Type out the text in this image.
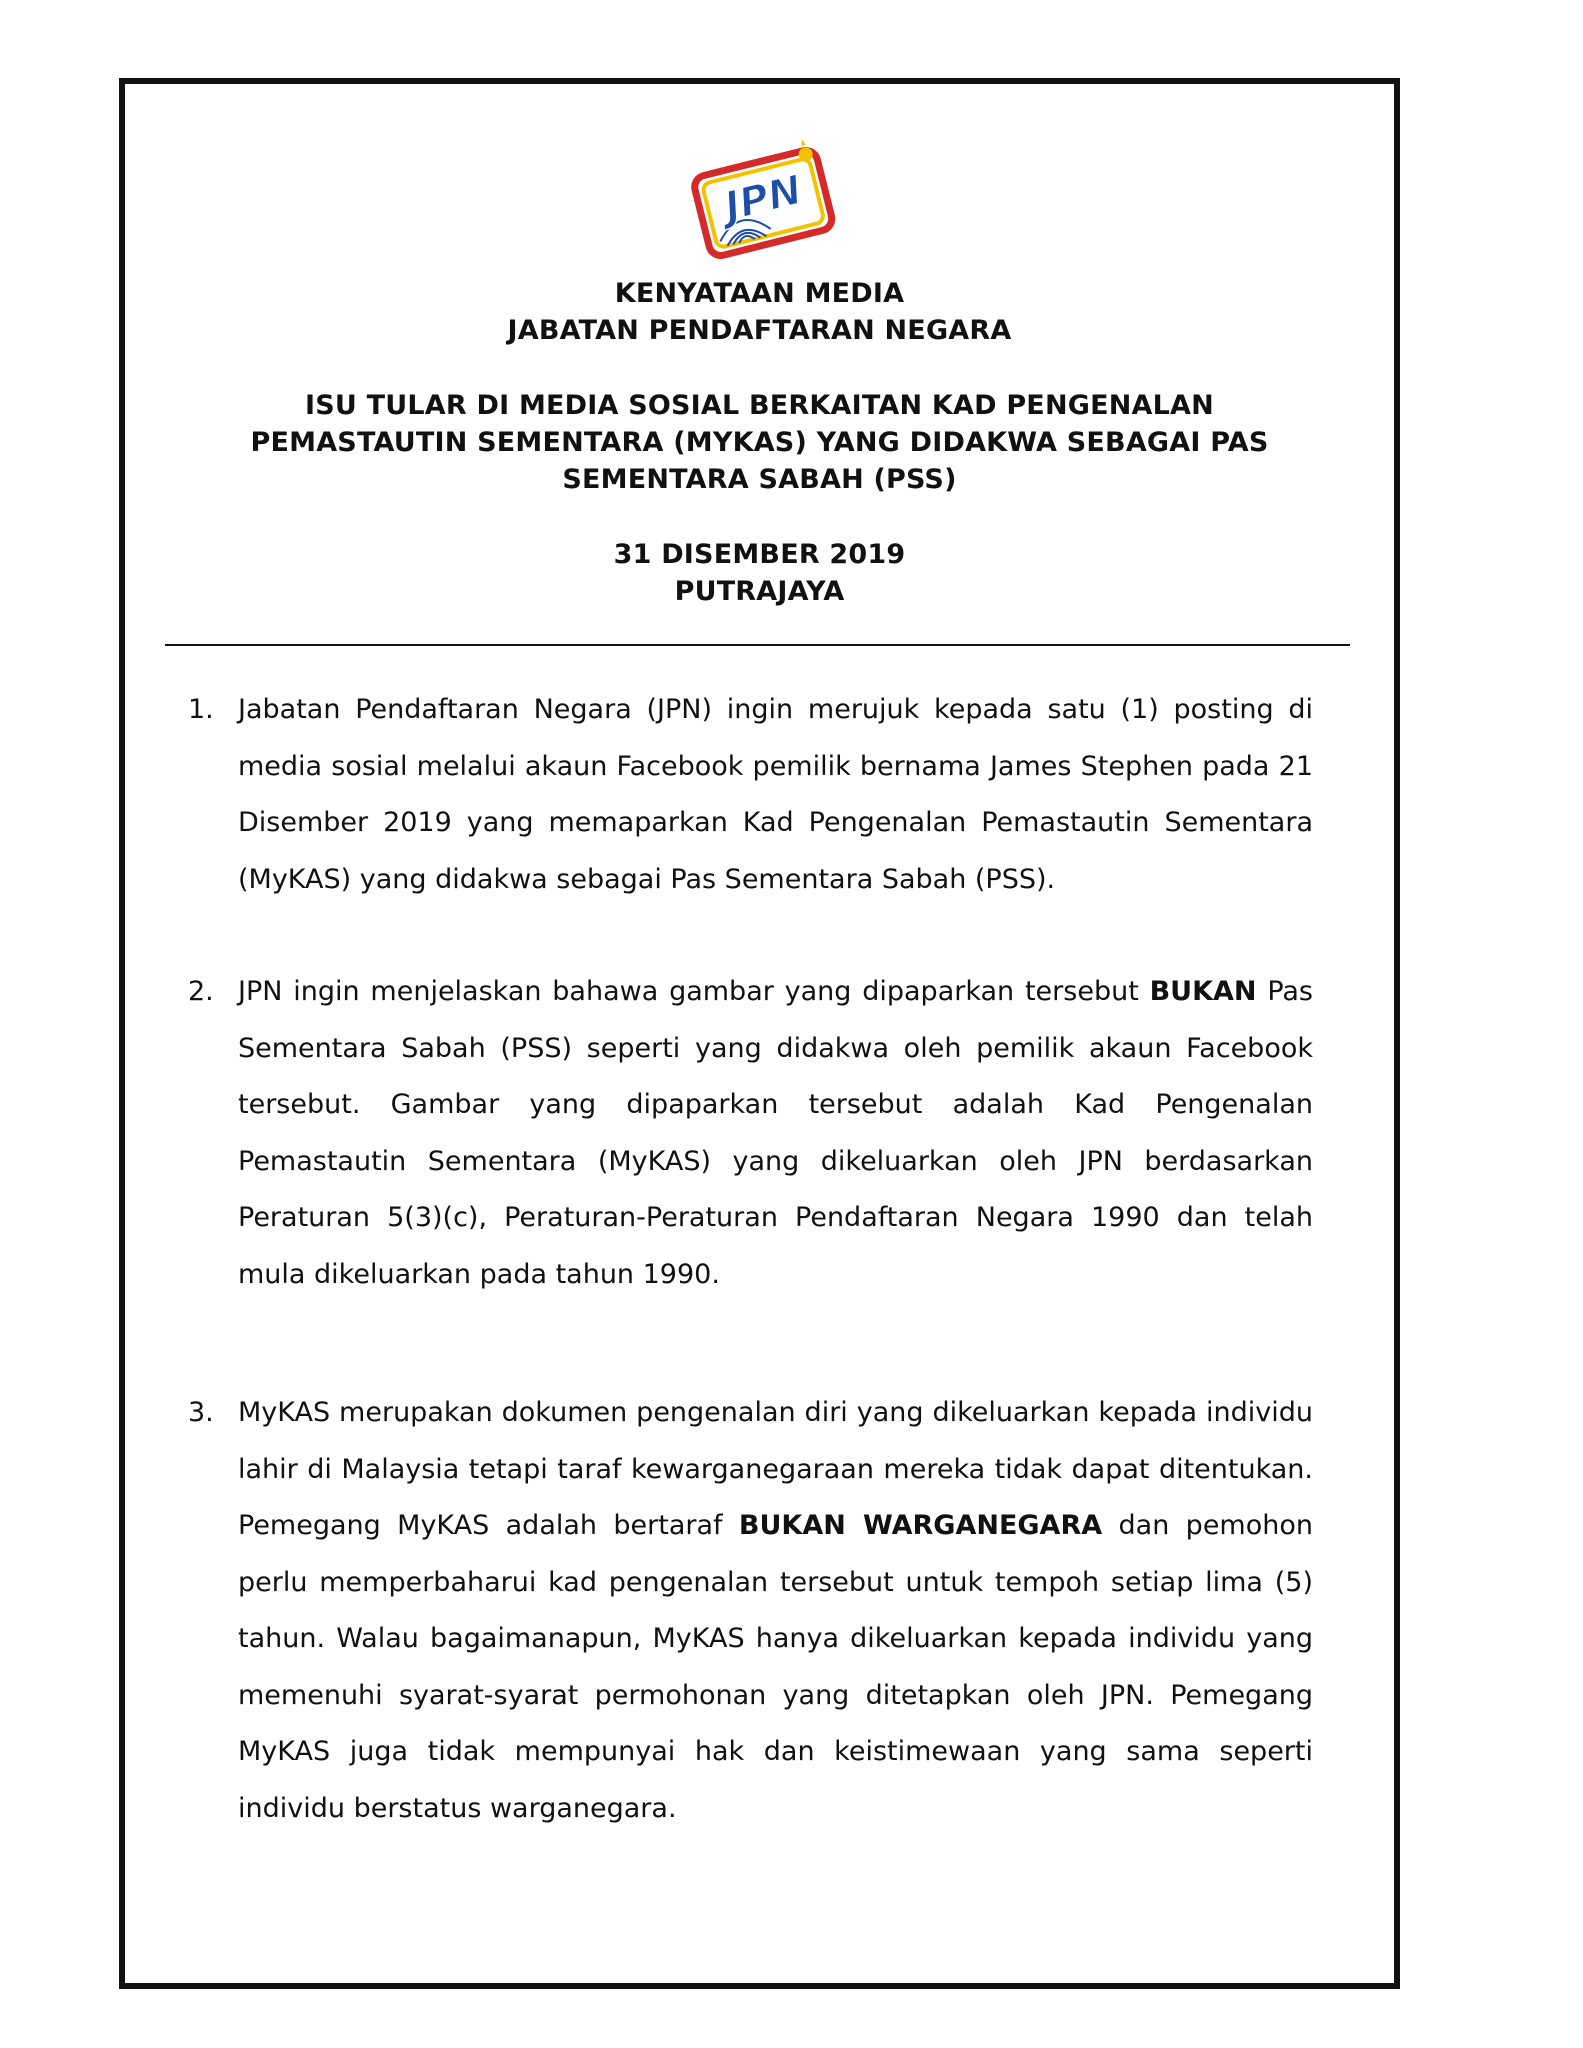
JPN
KENYATAAN MEDIA
JABATAN PENDAFTARAN NEGARA
ISU TULAR DI MEDIA SOSIAL BERKAITAN KAD PENGENALAN
PEMASTAUTIN SEMENTARA (MYKAS) YANG DIDAKWA SEBAGAI PAS
SEMENTARA SABAH (PSS)
31 DISEMBER 2019
PUTRAJAYA
1. Jabatan Pendaftaran Negara (JPN) ingin merujuk kepada satu (1) posting di media sosial melalui akaun Facebook pemilik bernama James Stephen pada 21 Disember 2019 yang memaparkan Kad Pengenalan Pemastautin Sementara (MyKAS) yang didakwa sebagai Pas Sementara Sabah (PSS).
2. JPN ingin menjelaskan bahawa gambar yang dipaparkan tersebut BUKAN Pas Sementara Sabah (PSS) seperti yang didakwa oleh pemilik akaun Facebook tersebut. Gambar yang dipaparkan tersebut adalah Kad Pengenalan Pemastautin Sementara (MyKAS) yang dikeluarkan oleh JPN berdasarkan Peraturan 5(3)(c), Peraturan-Peraturan Pendaftaran Negara 1990 dan telah mula dikeluarkan pada tahun 1990.
3. MyKAS merupakan dokumen pengenalan diri yang dikeluarkan kepada individu lahir di Malaysia tetapi taraf kewarganegaraan mereka tidak dapat ditentukan. Pemegang MyKAS adalah bertaraf BUKAN WARGANEGARA dan pemohon perlu memperbaharui kad pengenalan tersebut untuk tempoh setiap lima (5) tahun. Walau bagaimanapun, MyKAS hanya dikeluarkan kepada individu yang memenuhi syarat-syarat permohonan yang ditetapkan oleh JPN. Pemegang MyKAS juga tidak mempunyai hak dan keistimewaan yang sama seperti individu berstatus warganegara.
